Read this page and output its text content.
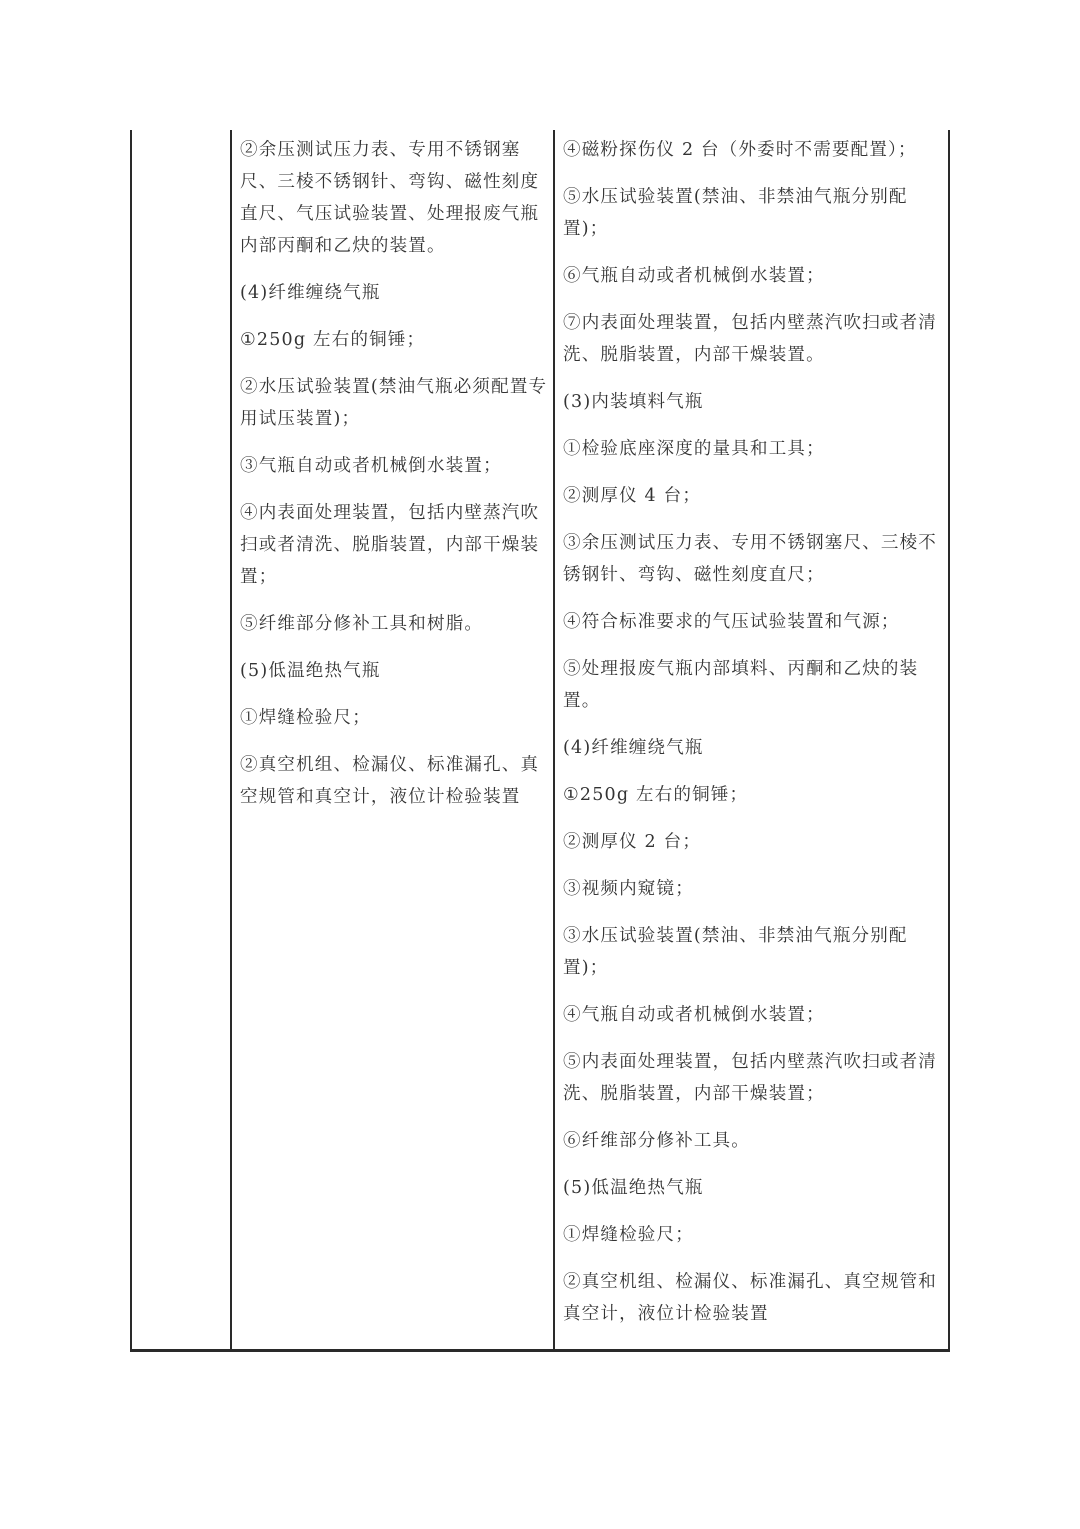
②余压测试压力表、专用不锈钢塞尺、三棱不锈钢针、弯钩、磁性刻度直尺、气压试验装置、处理报废气瓶内部丙酮和乙炔的装置。

(4)纤维缠绕气瓶

①250g 左右的铜锤；

②水压试验装置(禁油气瓶必须配置专用试压装置)；

③气瓶自动或者机械倒水装置；

④内表面处理装置，包括内壁蒸汽吹扫或者清洗、脱脂装置，内部干燥装置；

⑤纤维部分修补工具和树脂。

(5)低温绝热气瓶

①焊缝检验尺；

②真空机组、检漏仪、标准漏孔、真空规管和真空计，液位计检验装置

④磁粉探伤仪 2 台（外委时不需要配置）；

⑤水压试验装置(禁油、非禁油气瓶分别配置)；

⑥气瓶自动或者机械倒水装置；

⑦内表面处理装置，包括内壁蒸汽吹扫或者清洗、脱脂装置，内部干燥装置。

(3)内装填料气瓶

①检验底座深度的量具和工具；

②测厚仪 4 台；

③余压测试压力表、专用不锈钢塞尺、三棱不锈钢针、弯钩、磁性刻度直尺；

④符合标准要求的气压试验装置和气源；

⑤处理报废气瓶内部填料、丙酮和乙炔的装置。

(4)纤维缠绕气瓶

①250g 左右的铜锤；

②测厚仪 2 台；

③视频内窥镜；

③水压试验装置(禁油、非禁油气瓶分别配置)；

④气瓶自动或者机械倒水装置；

⑤内表面处理装置，包括内壁蒸汽吹扫或者清洗、脱脂装置，内部干燥装置；

⑥纤维部分修补工具。

(5)低温绝热气瓶

①焊缝检验尺；

②真空机组、检漏仪、标准漏孔、真空规管和真空计，液位计检验装置
